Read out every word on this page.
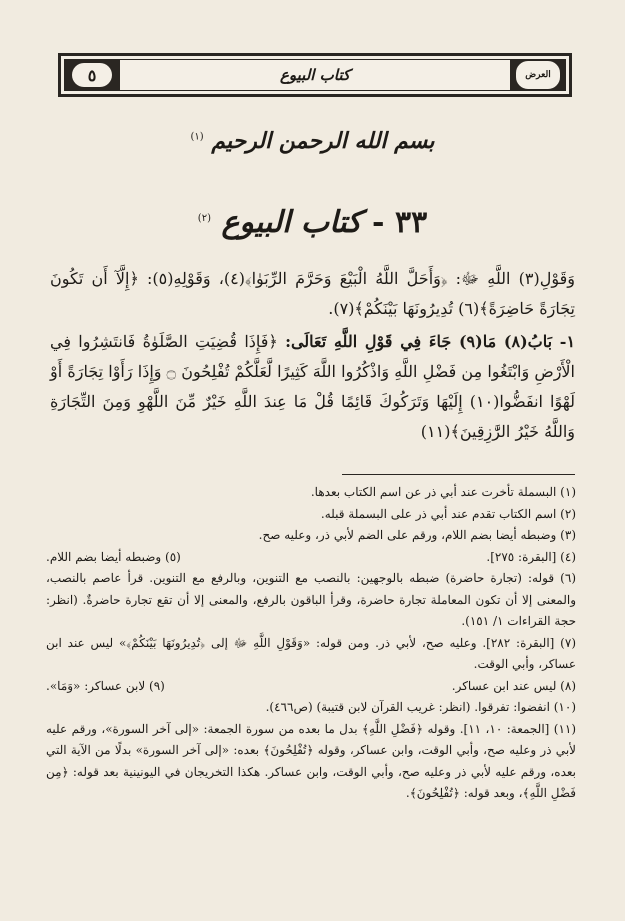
العرض
كتاب البيوع
٥
بسم الله الرحمن الرحيم $^{(١)}$
٣٣ - كتاب البيوع $^{(٢)}$

وَقَوْلِ(٣) اللَّهِ ﷻ: ﴿وَأَحَلَّ اللَّهُ الْبَيْعَ وَحَرَّمَ الرِّبَوٰا﴾(٤)، وَقَوْلِهِ(٥): ﴿إِلَّآ أَن تَكُونَ تِجَارَةً حَاضِرَةً﴾(٦) تُدِيرُونَهَا بَيْنَكُمْ﴾(٧).

١- بَابُ(٨) مَا(٩) جَاءَ فِي قَوْلِ اللَّهِ تَعَالَى: ﴿فَإِذَا قُضِيَتِ الصَّلَوٰةُ فَانتَشِرُوا فِي الْأَرْضِ وَابْتَغُوا مِن فَضْلِ اللَّهِ وَاذْكُرُوا اللَّهَ كَثِيرًا لَّعَلَّكُمْ تُفْلِحُونَ ۝ وَإِذَا رَأَوْا تِجَارَةً أَوْ لَهْوًا انفَضُّوا(١٠) إِلَيْهَا وَتَرَكُوكَ قَائِمًا قُلْ مَا عِندَ اللَّهِ خَيْرٌ مِّنَ اللَّهْوِ وَمِنَ التِّجَارَةِ وَاللَّهُ خَيْرُ الرَّٰزِقِينَ﴾(١١)

(١) البسملة تأخرت عند أبي ذر عن اسم الكتاب بعدها.

(٢) اسم الكتاب تقدم عند أبي ذر على البسملة قبله.

(٣) وضبطه أيضا بضم اللام، ورقم على الضم لأبي ذر، وعليه صح.

(٤) [البقرة: ٢٧٥].
(٥) وضبطه أيضا بضم اللام.

(٦) قوله: (تجارة حاضرة) ضبطه بالوجهين: بالنصب مع التنوين، وبالرفع مع التنوين. قرأ عاصم بالنصب، والمعنى إلا أن تكون المعاملة تجارة حاضرة، وقرأ الباقون بالرفع، والمعنى إلا أن تقع تجارة حاضرةٌ. (انظر: حجة القراءات ١/ ١٥١).

(٧) [البقرة: ٢٨٢]. وعليه صح، لأبي ذر. ومن قوله: «وَقَوْلِ اللَّهِ ﷻ إلى ﴿تُدِيرُونَهَا بَيْنَكُمْ﴾» ليس عند ابن عساكر، وأبي الوقت.

(٨) ليس عند ابن عساكر.
(٩) لابن عساكر: «وَمَا».

(١٠) انفضوا: تفرقوا. (انظر: غريب القرآن لابن قتيبة) (ص٤٦٦).

(١١) [الجمعة: ١٠، ١١]. وقوله ﴿فَضْلِ اللَّهِ﴾ بدل ما بعده من سورة الجمعة: «إلى آخر السورة»، ورقم عليه لأبي ذر وعليه صح، وأبي الوقت، وابن عساكر، وقوله ﴿تُفْلِحُونَ﴾ بعده: «إلى آخر السورة» بدلًا من الآية التي بعده، ورقم عليه لأبي ذر وعليه صح، وأبي الوقت، وابن عساكر. هكذا التخريجان في اليونينية بعد قوله: ﴿مِن فَضْلِ اللَّهِ﴾، وبعد قوله: ﴿تُفْلِحُونَ﴾.
